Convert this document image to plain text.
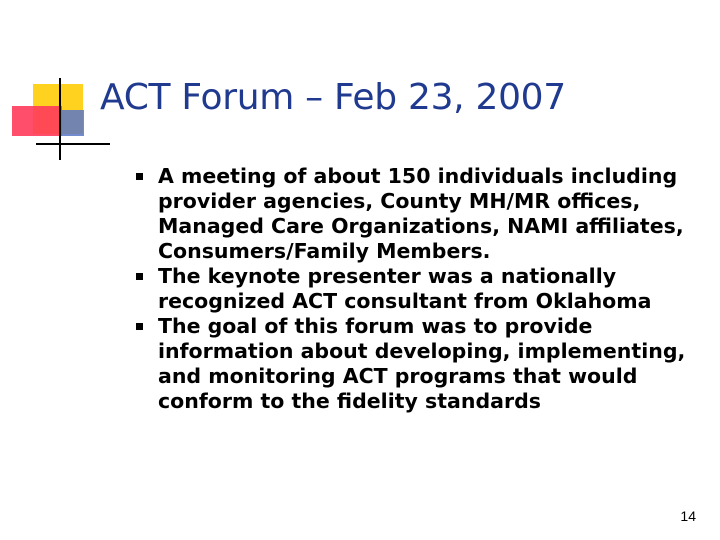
ACT Forum – Feb 23, 2007
A meeting of about 150 individuals including provider agencies, County MH/MR offices, Managed Care Organizations, NAMI affiliates, Consumers/Family Members.
The keynote presenter was a nationally recognized ACT consultant from Oklahoma
The goal of this forum was to provide information about developing, implementing, and monitoring ACT programs that would conform to the fidelity standards
14
